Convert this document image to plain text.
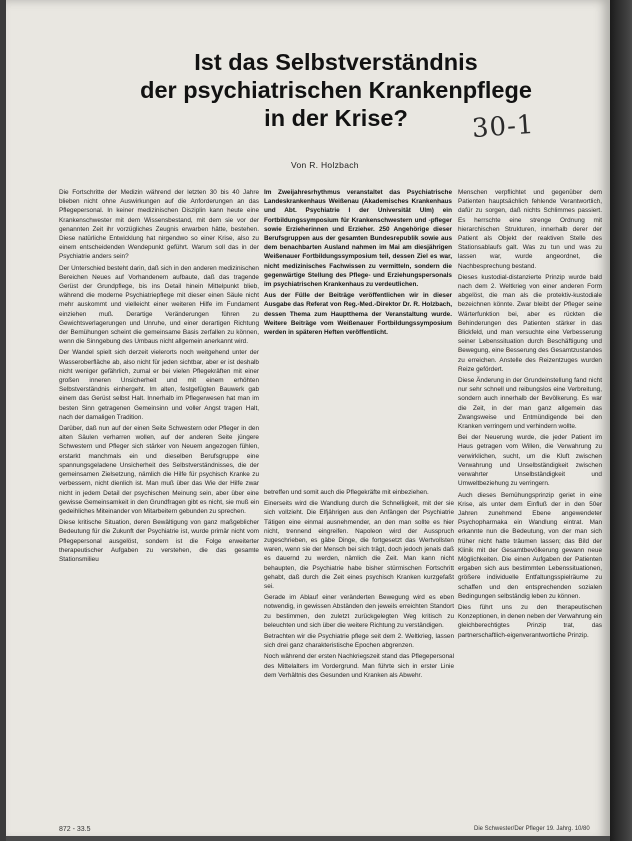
Ist das Selbstverständnis
der psychiatrischen Krankenpflege
in der Krise?	30-1
Von R. Holzbach

Die Fortschritte der Medizin während der letzten 30 bis 40 Jahre blieben nicht ohne Auswirkungen auf die Anforderungen an das Pflegepersonal. In keiner medizinischen Disziplin kann heute eine Krankenschwester mit dem Wissensbestand, mit dem sie vor der genannten Zeit ihr vorzügliches Zeugnis erwarben hätte, bestehen. Diese natürliche Entwicklung hat nirgendwo so einer Krise, also zu einem entscheidenden Wendepunkt geführt. Warum soll das in der Psychiatrie anders sein?

Der Unterschied besteht darin, daß sich in den anderen medizinischen Bereichen Neues auf Vorhandenem aufbaute, daß das tragende Gerüst der Grundpflege, bis ins Detail hinein Mittelpunkt blieb, während die moderne Psychiatriepflege mit dieser einen Säule nicht mehr auskommt und vielleicht einer weiteren Hilfe im Fundament einziehen muß. Derartige Veränderungen führen zu Gewichtsverlagerungen und Unruhe, und einer derartigen Richtung der Bemühungen scheint die gemeinsame Basis zerfallen zu können, wenn die Sinngebung des Umbaus nicht allgemein anerkannt wird.

Der Wandel spielt sich derzeit vielerorts noch weitgehend unter der Wasseroberfläche ab, also nicht für jeden sichtbar, aber er ist deshalb nicht weniger gefährlich, zumal er bei vielen Pflegekräften mit einer großen inneren Unsicherheit und mit einem erhöhten Selbstverständnis einhergeht. Im alten, festgefügten Bauwerk gab einem das Gerüst selbst Halt. Innerhalb im Pflegerwesen hat man im besten Sinn getragenen Gemeinsinn und voller Angst tragen Halt, nach der damaligen Tradition.

Darüber, daß nun auf der einen Seite Schwestern oder Pfleger in den alten Säulen verharren wollen, auf der anderen Seite jüngere Schwestern und Pfleger sich stärker von Neuem angezogen fühlen, erstarkt manchmals ein und dieselben Berufsgruppe eine spannungsgeladene Unsicherheit des Selbstverständnisses, die der gemeinsamen Zielsetzung, nämlich die Hilfe für psychisch Kranke zu verbessern, nicht dienlich ist. Man muß über das Wie der Hilfe zwar nicht in jedem Detail der psychischen Meinung sein, aber über eine gewisse Gemeinsamkeit in den Grundfragen gibt es nicht, sie muß ein gedeihliches Miteinander von Mitarbeitern gebunden zu sprechen.

Diese kritische Situation, deren Bewältigung von ganz maßgeblicher Bedeutung für die Zukunft der Psychiatrie ist, wurde primär nicht vom Pflegepersonal ausgelöst, sondern ist die Folge erweiterter therapeutischer Aufgaben zu verstehen, die das gesamte Stationsmilieu

Im Zweijahresrhythmus veranstaltet das Psychiatrische Landeskrankenhaus Weißenau (Akademisches Krankenhaus und Abt. Psychiatrie I der Universität Ulm) ein Fortbildungssymposium für Krankenschwestern und -pfleger sowie Erzieherinnen und Erzieher. 250 Angehörige dieser Berufsgruppen aus der gesamten Bundesrepublik sowie aus dem benachbarten Ausland nahmen im Mai am diesjährigen Weißenauer Fortbildungssymposium teil, dessen Ziel es war, nicht medizinisches Fachwissen zu vermitteln, sondern die gegenwärtige Stellung des Pflege- und Erziehungspersonals im psychiatrischen Krankenhaus zu verdeutlichen.

Aus der Fülle der Beiträge veröffentlichen wir in dieser Ausgabe das Referat von Reg.-Med.-Direktor Dr. R. Holzbach, dessen Thema zum Hauptthema der Veranstaltung wurde. Weitere Beiträge vom Weißenauer Fortbildungssymposium werden in späteren Heften veröffentlicht.

betreffen und somit auch die Pflegekräfte mit einbeziehen.

Einerseits wird die Wandlung durch die Schnelligkeit, mit der sie sich vollzieht. Die Elfjährigen aus den Anfängen der Psychiatrie Tätigen eine einmal ausnehmender, an den man sollte es hier nicht, trennend eingreifen. Napoleon wird der Ausspruch zugeschrieben, es gäbe Dinge, die fortgesetzt das Wertvollsten waren, wenn sie der Mensch bei sich trägt, doch jedoch jenals daß es dauernd zu werden, nämlich die Zeit. Man kann nicht behaupten, die Psychiatrie habe bisher stürmischen Fortschritt gehabt, daß durch die Zeit eines psychisch Kranken kurzgefaßt sei.

Gerade im Ablauf einer veränderten Bewegung wird es eben notwendig, in gewissen Abständen den jeweils erreichten Standort zu bestimmen, den zuletzt zurückgelegten Weg kritisch zu beleuchten und sich über die weitere Richtung zu verständigen.

Betrachten wir die Psychiatrie pflege seit dem 2. Weltkrieg, lassen sich drei ganz charakteristische Epochen abgrenzen.

Noch während der ersten Nachkriegszeit stand das Pflegepersonal des Mittelalters im Vordergrund. Man führte sich in erster Linie dem Verhältnis des Gesunden und Kranken als Abwehr.

Menschen verpflichtet und gegenüber dem Patienten hauptsächlich fehlende Verantwortlich, dafür zu sorgen, daß nichts Schlimmes passiert. Es herrschte eine strenge Ordnung mit hierarchischen Strukturen, innerhalb derer der Patient als Objekt der reaktiven Stelle des Stationsablaufs galt. Was zu tun und was zu lassen war, wurde angeordnet, die Nachbesprechung bestand.

Dieses kustodial-distanzierte Prinzip wurde bald nach dem 2. Weltkrieg von einer anderen Form abgelöst, die man als die protektiv-kustodiale bezeichnen könnte. Zwar bleibt der Pfleger seine Wärterfunktion bei, aber es rückten die Behinderungen des Patienten stärker in das Blickfeld, und man versuchte eine Verbesserung seiner Lebenssituation durch Beschäftigung und Bewegung, eine Besserung des Gesamtzustandes zu erreichen. Anstelle des Reizentzuges wurden Reize gefördert.

Diese Änderung in der Grundeinstellung fand nicht nur sehr schnell und reibungslos eine Verbreitung, sondern auch innerhalb der Bevölkerung. Es war die Zeit, in der man ganz allgemein das Zwangsweise und Entmündigende bei den Kranken verringern und verhindern wollte.

Bei der Neuerung wurde, die jeder Patient im Haus getragen vom Willen, die Verwahrung zu verwirklichen, sucht, um die Kluft zwischen Verwahrung und Unselbständigkeit zwischen verwahrter Unselbständigkeit und Umweltbeziehung zu verringern.

Auch dieses Bemühungsprinzip geriet in eine Krise, als unter dem Einfluß der in den 50er Jahren zunehmend Ebene angewendeter Psychopharmaka ein Wandlung eintrat. Man erkannte nun die Bedeutung, von der man sich früher nicht hatte träumen lassen; das Bild der Klinik mit der Gesamtbevölkerung gewann neue Möglichkeiten. Die einen Aufgaben der Patienten ergaben sich aus bestimmten Lebenssituationen, größere individuelle Entfaltungsspielräume zu schaffen und den entsprechenden sozialen Bedingungen selbständig leben zu können.

Dies führt uns zu den therapeutischen Konzeptionen, in denen neben der Verwahrung ein gleichberechtigtes Prinzip trat, das partnerschaftlich-eigenverantwortliche Prinzip.

872 - 33.5	Die Schwester/Der Pfleger 19. Jahrg. 10/80
